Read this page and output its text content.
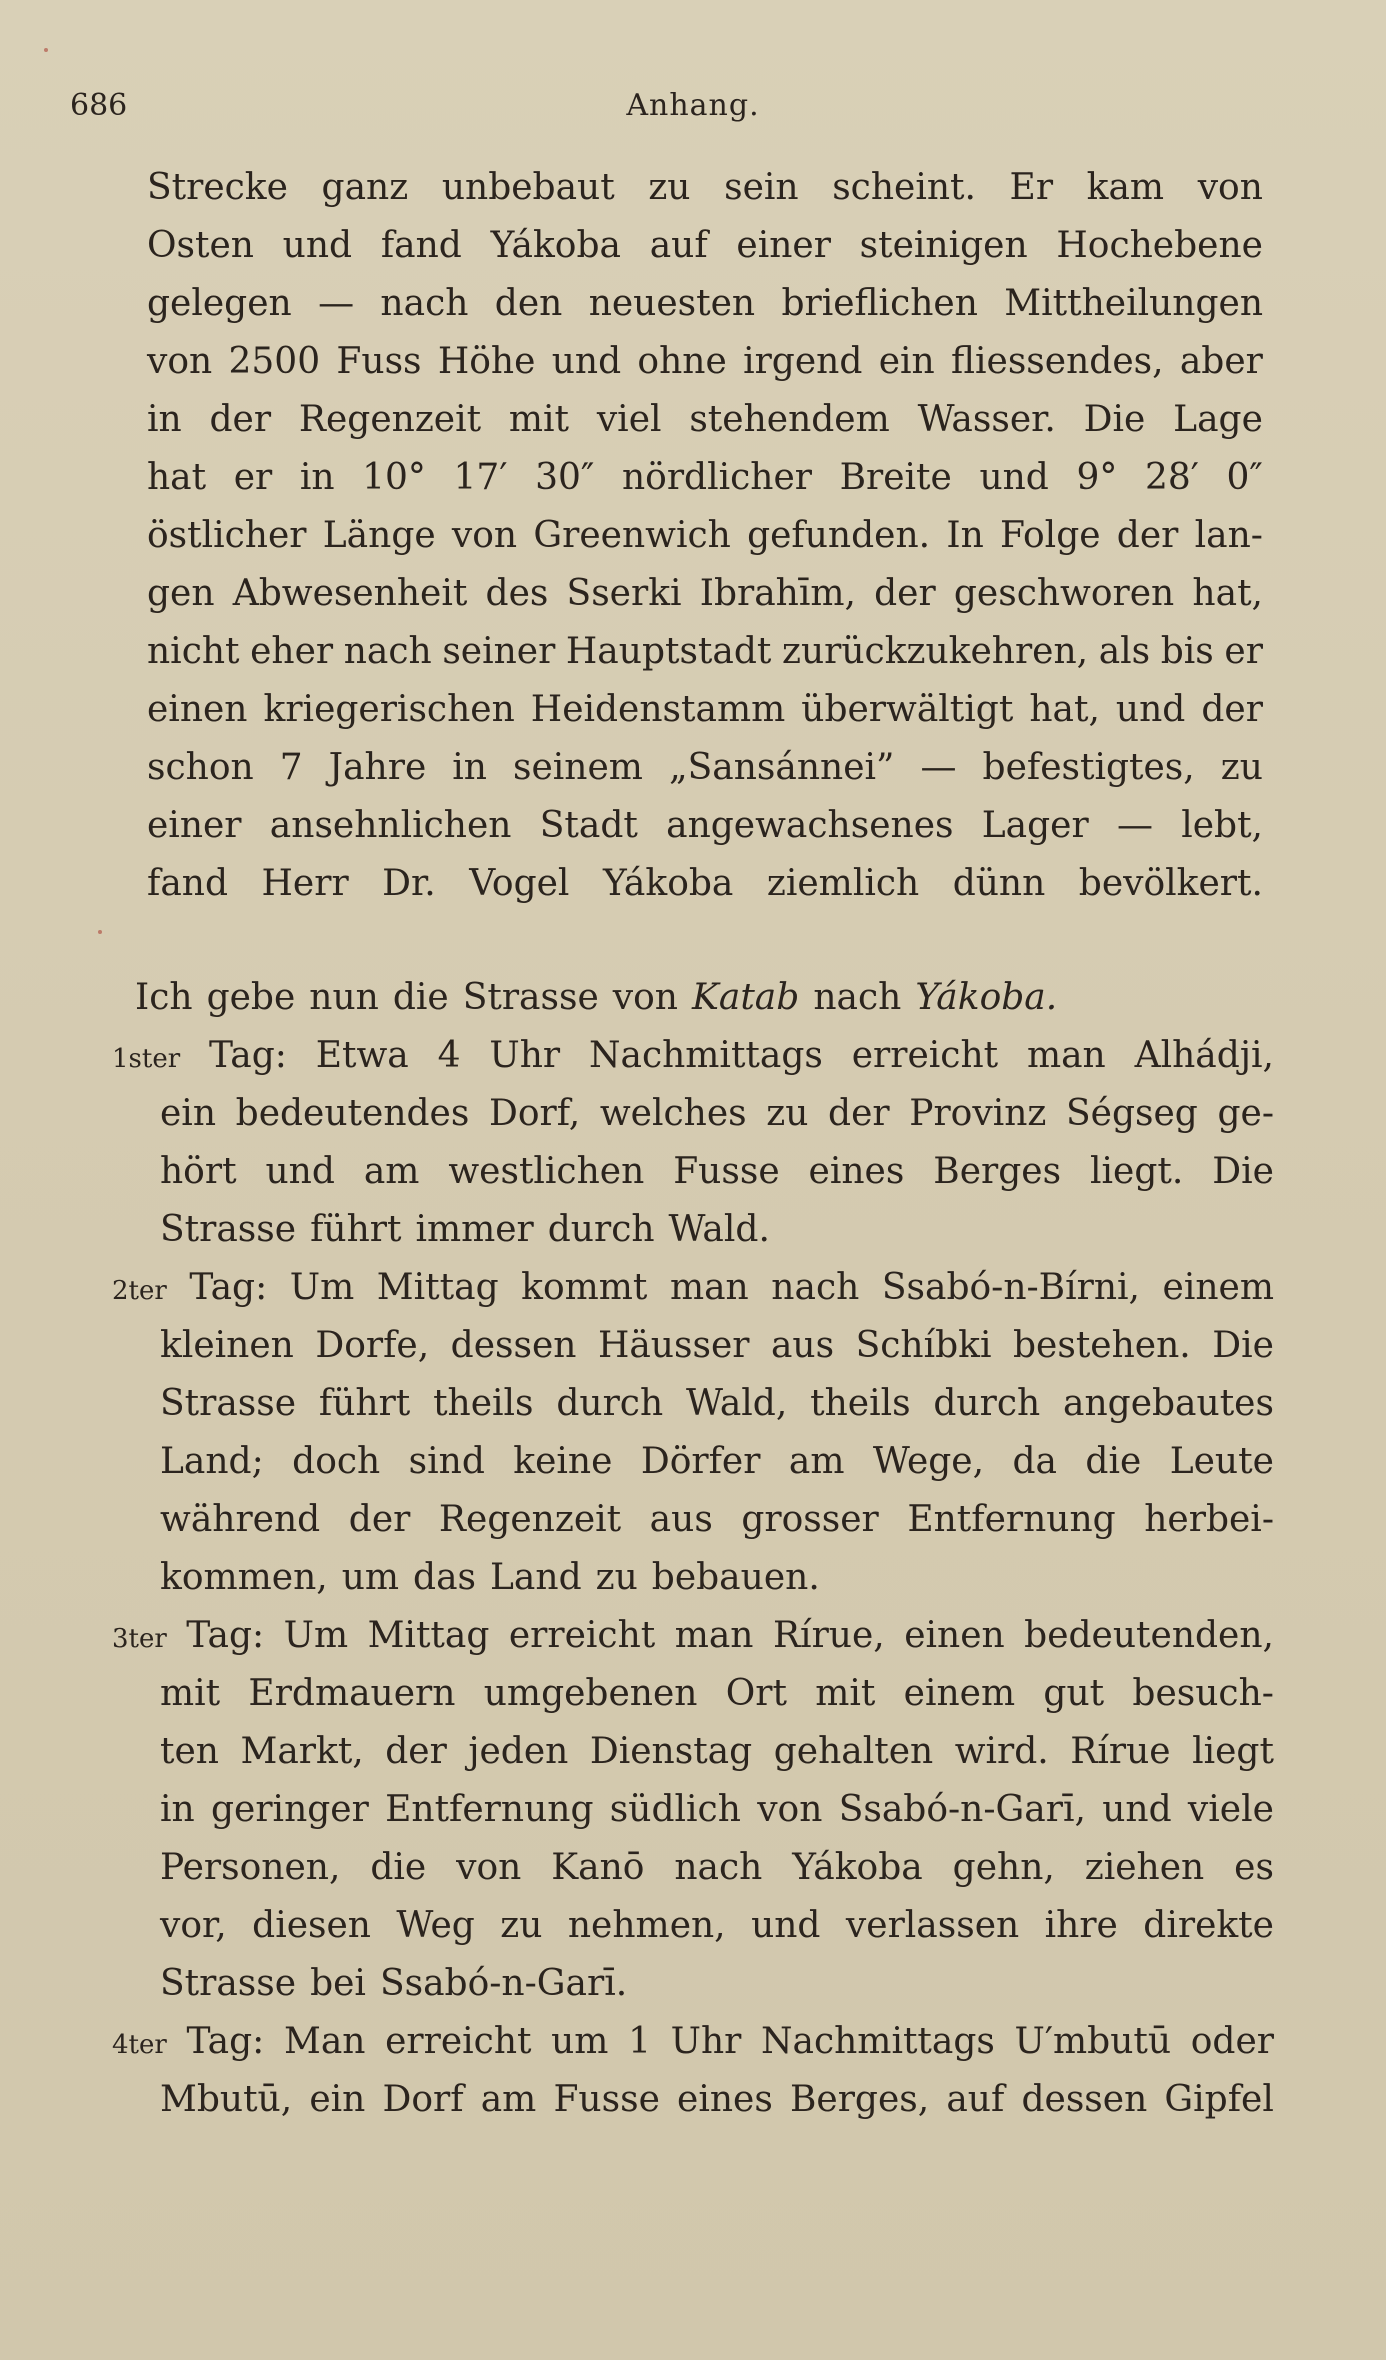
686	Anhang.
Strecke ganz unbebaut zu sein scheint. Er kam von
Osten und fand Yákoba auf einer steinigen Hochebene
gelegen — nach den neuesten brieflichen Mittheilungen
von 2500 Fuss Höhe und ohne irgend ein fliessendes, aber
in der Regenzeit mit viel stehendem Wasser. Die Lage
hat er in 10° 17′ 30″ nördlicher Breite und 9° 28′ 0″
östlicher Länge von Greenwich gefunden. In Folge der lan-
gen Abwesenheit des Sserki Ibrahīm, der geschworen hat,
nicht eher nach seiner Hauptstadt zurückzukehren, als bis er
einen kriegerischen Heidenstamm überwältigt hat, und der
schon 7 Jahre in seinem „Sansánnei” — befestigtes, zu
einer ansehnlichen Stadt angewachsenes Lager — lebt,
fand Herr Dr. Vogel Yákoba ziemlich dünn bevölkert.
Ich gebe nun die Strasse von Katab nach Yákoba.
1ster Tag: Etwa 4 Uhr Nachmittags erreicht man Alhádji,
ein bedeutendes Dorf, welches zu der Provinz Ségseg ge-
hört und am westlichen Fusse eines Berges liegt. Die
Strasse führt immer durch Wald.
2ter Tag: Um Mittag kommt man nach Ssabó-n-Bírni, einem
kleinen Dorfe, dessen Häusser aus Schíbki bestehen. Die
Strasse führt theils durch Wald, theils durch angebautes
Land; doch sind keine Dörfer am Wege, da die Leute
während der Regenzeit aus grosser Entfernung herbei-
kommen, um das Land zu bebauen.
3ter Tag: Um Mittag erreicht man Ríruе, einen bedeutenden,
mit Erdmauern umgebenen Ort mit einem gut besuch-
ten Markt, der jeden Dienstag gehalten wird. Ríruе liegt
in geringer Entfernung südlich von Ssabó-n-Garī, und viele
Personen, die von Kanō nach Yákoba gehn, ziehen es
vor, diesen Weg zu nehmen, und verlassen ihre direkte
Strasse bei Ssabó-n-Garī.
4ter Tag: Man erreicht um 1 Uhr Nachmittags U′mbutū oder
Mbutū, ein Dorf am Fusse eines Berges, auf dessen Gipfel
